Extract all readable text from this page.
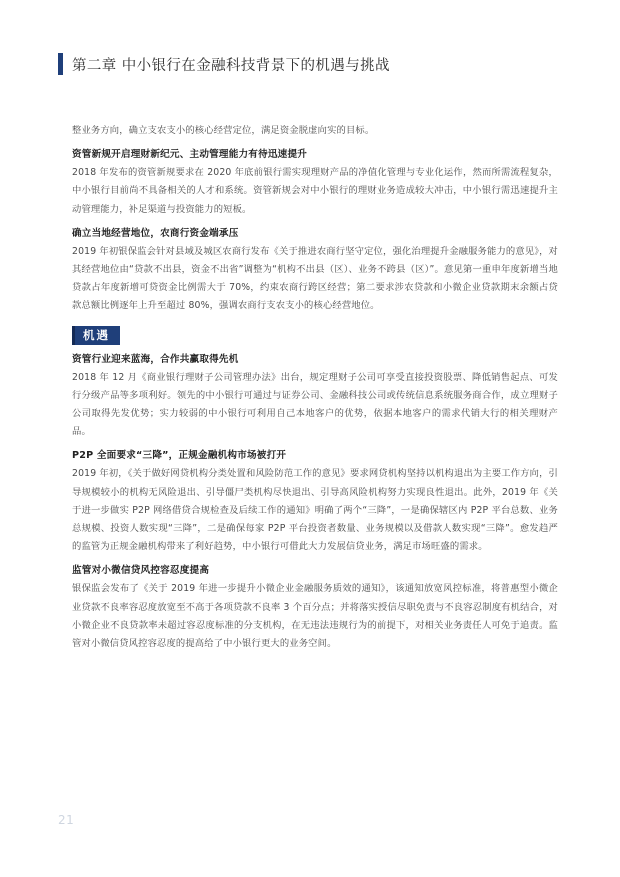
第二章 中小银行在金融科技背景下的机遇与挑战

整业务方向，确立支农支小的核心经营定位，满足资金脱虚向实的目标。

资管新规开启理财新纪元、主动管理能力有待迅速提升

2018 年发布的资管新规要求在 2020 年底前银行需实现理财产品的净值化管理与专业化运作，然而所需流程复杂，中小银行目前尚不具备相关的人才和系统。资管新规会对中小银行的理财业务造成较大冲击，中小银行需迅速提升主动管理能力，补足渠道与投资能力的短板。

确立当地经营地位，农商行资金端承压

2019 年初银保监会针对县域及城区农商行发布《关于推进农商行坚守定位，强化治理提升金融服务能力的意见》，对其经营地位由“贷款不出县，资金不出省”调整为“机构不出县（区）、业务不跨县（区）”。意见第一重申年度新增当地贷款占年度新增可贷资金比例需大于 70%，约束农商行跨区经营；第二要求涉农贷款和小微企业贷款期末余额占贷款总额比例逐年上升至超过 80%，强调农商行支农支小的核心经营地位。

机遇
资管行业迎来蓝海，合作共赢取得先机

2018 年 12 月《商业银行理财子公司管理办法》出台，规定理财子公司可享受直接投资股票、降低销售起点、可发行分级产品等多项利好。领先的中小银行可通过与证券公司、金融科技公司或传统信息系统服务商合作，成立理财子公司取得先发优势；实力较弱的中小银行可利用自己本地客户的优势，依据本地客户的需求代销大行的相关理财产品。

P2P 全面要求“三降”，正规金融机构市场被打开

2019 年初，《关于做好网贷机构分类处置和风险防范工作的意见》要求网贷机构坚持以机构退出为主要工作方向，引导规模较小的机构无风险退出、引导僵尸类机构尽快退出、引导高风险机构努力实现良性退出。此外，2019 年《关于进一步做实 P2P 网络借贷合规检查及后续工作的通知》明确了两个“三降”，一是确保辖区内 P2P 平台总数、业务总规模、投资人数实现“三降”，二是确保每家 P2P 平台投资者数量、业务规模以及借款人数实现“三降”。愈发趋严的监管为正规金融机构带来了利好趋势，中小银行可借此大力发展信贷业务，满足市场旺盛的需求。

监管对小微信贷风控容忍度提高

银保监会发布了《关于 2019 年进一步提升小微企业金融服务质效的通知》，该通知放宽风控标准，将普惠型小微企业贷款不良率容忍度放宽至不高于各项贷款不良率 3 个百分点；并将落实授信尽职免责与不良容忍制度有机结合，对小微企业不良贷款率未超过容忍度标准的分支机构，在无违法违规行为的前提下，对相关业务责任人可免于追责。监管对小微信贷风控容忍度的提高给了中小银行更大的业务空间。

21
